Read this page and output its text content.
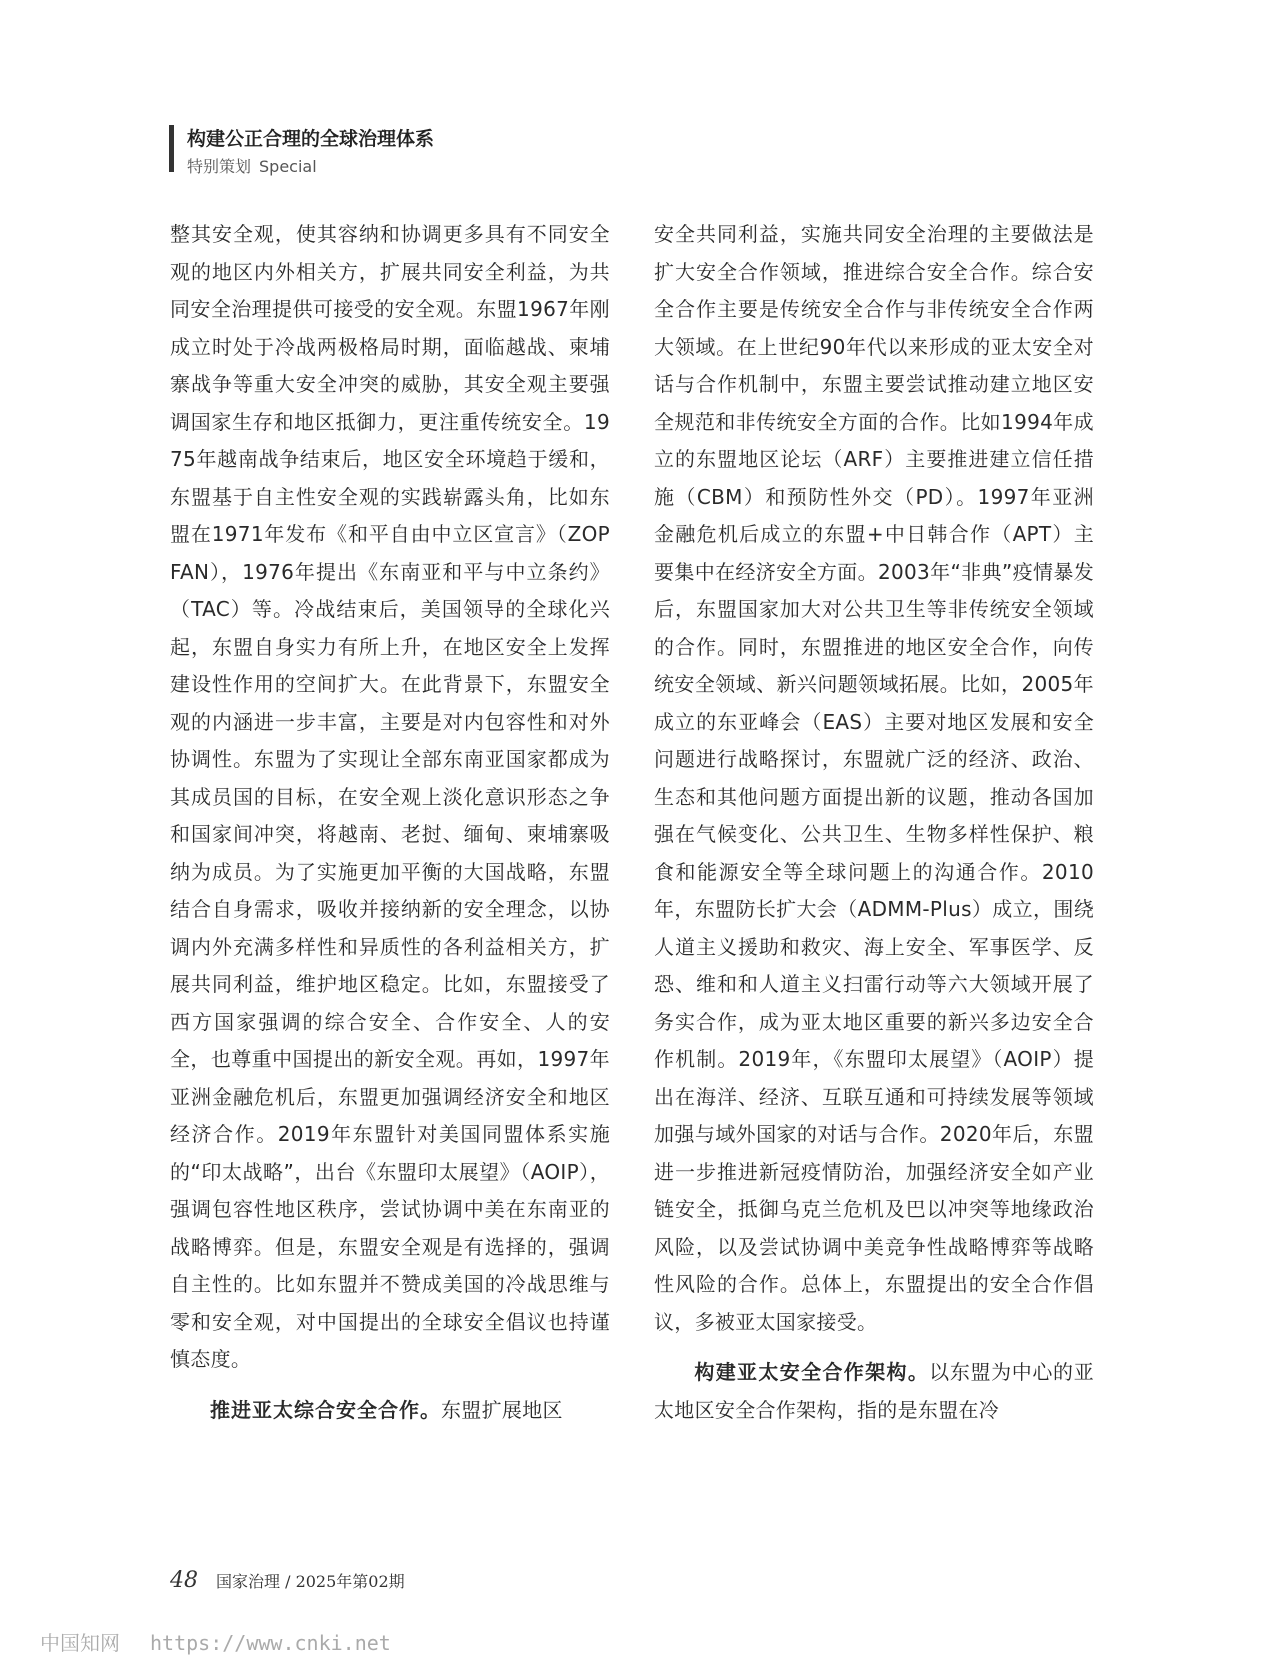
构建公正合理的全球治理体系
特别策划 Special

整其安全观，使其容纳和协调更多具有不同安全观的地区内外相关方，扩展共同安全利益，为共同安全治理提供可接受的安全观。东盟1967年刚成立时处于冷战两极格局时期，面临越战、柬埔寨战争等重大安全冲突的威胁，其安全观主要强调国家生存和地区抵御力，更注重传统安全。1975年越南战争结束后，地区安全环境趋于缓和，东盟基于自主性安全观的实践崭露头角，比如东盟在1971年发布《和平自由中立区宣言》（ZOPFAN），1976年提出《东南亚和平与中立条约》（TAC）等。冷战结束后，美国领导的全球化兴起，东盟自身实力有所上升，在地区安全上发挥建设性作用的空间扩大。在此背景下，东盟安全观的内涵进一步丰富，主要是对内包容性和对外协调性。东盟为了实现让全部东南亚国家都成为其成员国的目标，在安全观上淡化意识形态之争和国家间冲突，将越南、老挝、缅甸、柬埔寨吸纳为成员。为了实施更加平衡的大国战略，东盟结合自身需求，吸收并接纳新的安全理念，以协调内外充满多样性和异质性的各利益相关方，扩展共同利益，维护地区稳定。比如，东盟接受了西方国家强调的综合安全、合作安全、人的安全，也尊重中国提出的新安全观。再如，1997年亚洲金融危机后，东盟更加强调经济安全和地区经济合作。2019年东盟针对美国同盟体系实施的“印太战略”，出台《东盟印太展望》（AOIP），强调包容性地区秩序，尝试协调中美在东南亚的战略博弈。但是，东盟安全观是有选择的，强调自主性的。比如东盟并不赞成美国的冷战思维与零和安全观，对中国提出的全球安全倡议也持谨慎态度。

推进亚太综合安全合作。东盟扩展地区

安全共同利益，实施共同安全治理的主要做法是扩大安全合作领域，推进综合安全合作。综合安全合作主要是传统安全合作与非传统安全合作两大领域。在上世纪90年代以来形成的亚太安全对话与合作机制中，东盟主要尝试推动建立地区安全规范和非传统安全方面的合作。比如1994年成立的东盟地区论坛（ARF）主要推进建立信任措施（CBM）和预防性外交（PD）。1997年亚洲金融危机后成立的东盟+中日韩合作（APT）主要集中在经济安全方面。2003年“非典”疫情暴发后，东盟国家加大对公共卫生等非传统安全领域的合作。同时，东盟推进的地区安全合作，向传统安全领域、新兴问题领域拓展。比如，2005年成立的东亚峰会（EAS）主要对地区发展和安全问题进行战略探讨，东盟就广泛的经济、政治、生态和其他问题方面提出新的议题，推动各国加强在气候变化、公共卫生、生物多样性保护、粮食和能源安全等全球问题上的沟通合作。2010年，东盟防长扩大会（ADMM-Plus）成立，围绕人道主义援助和救灾、海上安全、军事医学、反恐、维和和人道主义扫雷行动等六大领域开展了务实合作，成为亚太地区重要的新兴多边安全合作机制。2019年，《东盟印太展望》（AOIP）提出在海洋、经济、互联互通和可持续发展等领域加强与域外国家的对话与合作。2020年后，东盟进一步推进新冠疫情防治，加强经济安全如产业链安全，抵御乌克兰危机及巴以冲突等地缘政治风险，以及尝试协调中美竞争性战略博弈等战略性风险的合作。总体上，东盟提出的安全合作倡议，多被亚太国家接受。

构建亚太安全合作架构。以东盟为中心的亚太地区安全合作架构，指的是东盟在冷

48 国家治理 / 2025年第02期
中国知网 https://www.cnki.net
